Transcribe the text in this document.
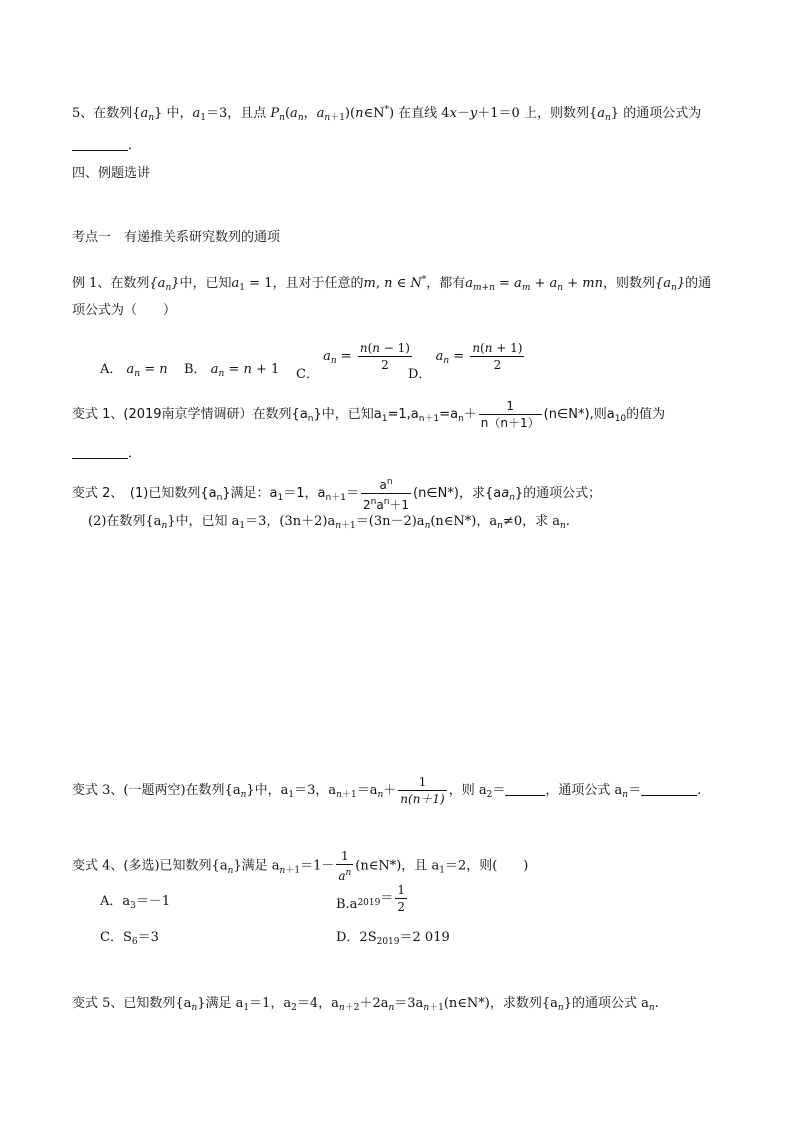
5、在数列$\{a_n\}$ 中，$a_1=3$，且点 $P_n(a_n$，$a_{n+1})(n\in N^*)$ 在直线 4x－y＋1＝0 上，则数列$\{a_n\}$ 的通项公式为
．
四、例题选讲
考点一　有递推关系研究数列的通项
例 1、在数列$\{a_n\}$中，已知$a_1 = 1$，且对于任意的m, n ∈ N*，都有$a_{m+n} = a_m + a_n$ + mn，则数列$\{a_n\}$的通
项公式为（　　）
A． $a_n = n$ B． $a_n = n + 1$ C． $a_n = \frac{n(n - 1)}{2}$
D． $a_n = \frac{n(n + 1)}{2}$
变式 1、(2019南京学情调研）在数列$\{a_n\}$中，已知$a_1=1,a_{n+1}=a_n+ \frac{1}{n(n+1)}$ (n∈N*),则$a_{10}$的值为
．
变式 2、　(1)已知数列$\{a_n\}$满足：$a_1=1$，$a_{n+1}= \frac{a^n}{2^na^n+1}$ (n∈N*)，求$\{aa_n\}$的通项公式；
(2)在数列$\{a_n\}$中，已知 $a_1=3$，$(3n+2)a_{n+1}=(3n-2)a_n(n\in N*)$，$a_n\ne 0$，求 $a_n$.
变式 3、(一题两空)在数列$\{a_n\}$中，$a_1=3$，$a_{n+1}=a_n+ \frac{1}{n(n+1)}$ ，则 $a_2=$	，通项公式 $a_n=$	.
变式 4、(多选)已知数列$\{a_n\}$满足 $a_{n+1}=1- \frac{1}{a^n}$ (n∈N*)，且 $a_1=2$，则(　　)
A．$a_3=-1$	$B.a_{2019}= \frac{1}{2}$
C．$S_6=3$	D．$2S_{2019}=2$ 019
变式 5、已知数列$\{a_n\}$满足 $a_1=1$，$a_2=4$，$a_{n+2}+2a_n=3a_{n+1}(n\in N*)$，求数列$\{a_n\}$的通项公式 $a_n$.
